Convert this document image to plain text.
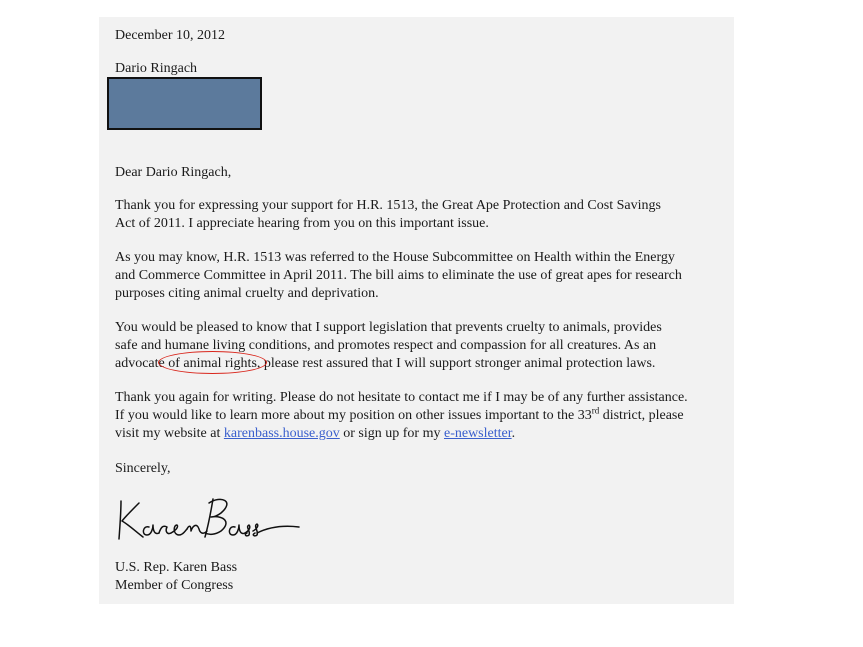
December 10, 2012
Dario Ringach
Dear Dario Ringach,
Thank you for expressing your support for H.R. 1513, the Great Ape Protection and Cost Savings
Act of 2011. I appreciate hearing from you on this important issue.
As you may know, H.R. 1513 was referred to the House Subcommittee on Health within the Energy
and Commerce Committee in April 2011. The bill aims to eliminate the use of great apes for research
purposes citing animal cruelty and deprivation.
You would be pleased to know that I support legislation that prevents cruelty to animals, provides
safe and humane living conditions, and promotes respect and compassion for all creatures. As an
advocate
of animal rights, please rest assured that I will support stronger animal protection laws.
Thank you again for writing. Please do not hesitate to contact me if I may be of any further assistance.
If you would like to learn more about my position on other issues important to the 33rd district, please
visit my website at karenbass.house.gov or sign up for my e-newsletter.
Sincerely,
U.S. Rep. Karen Bass
Member of Congress
